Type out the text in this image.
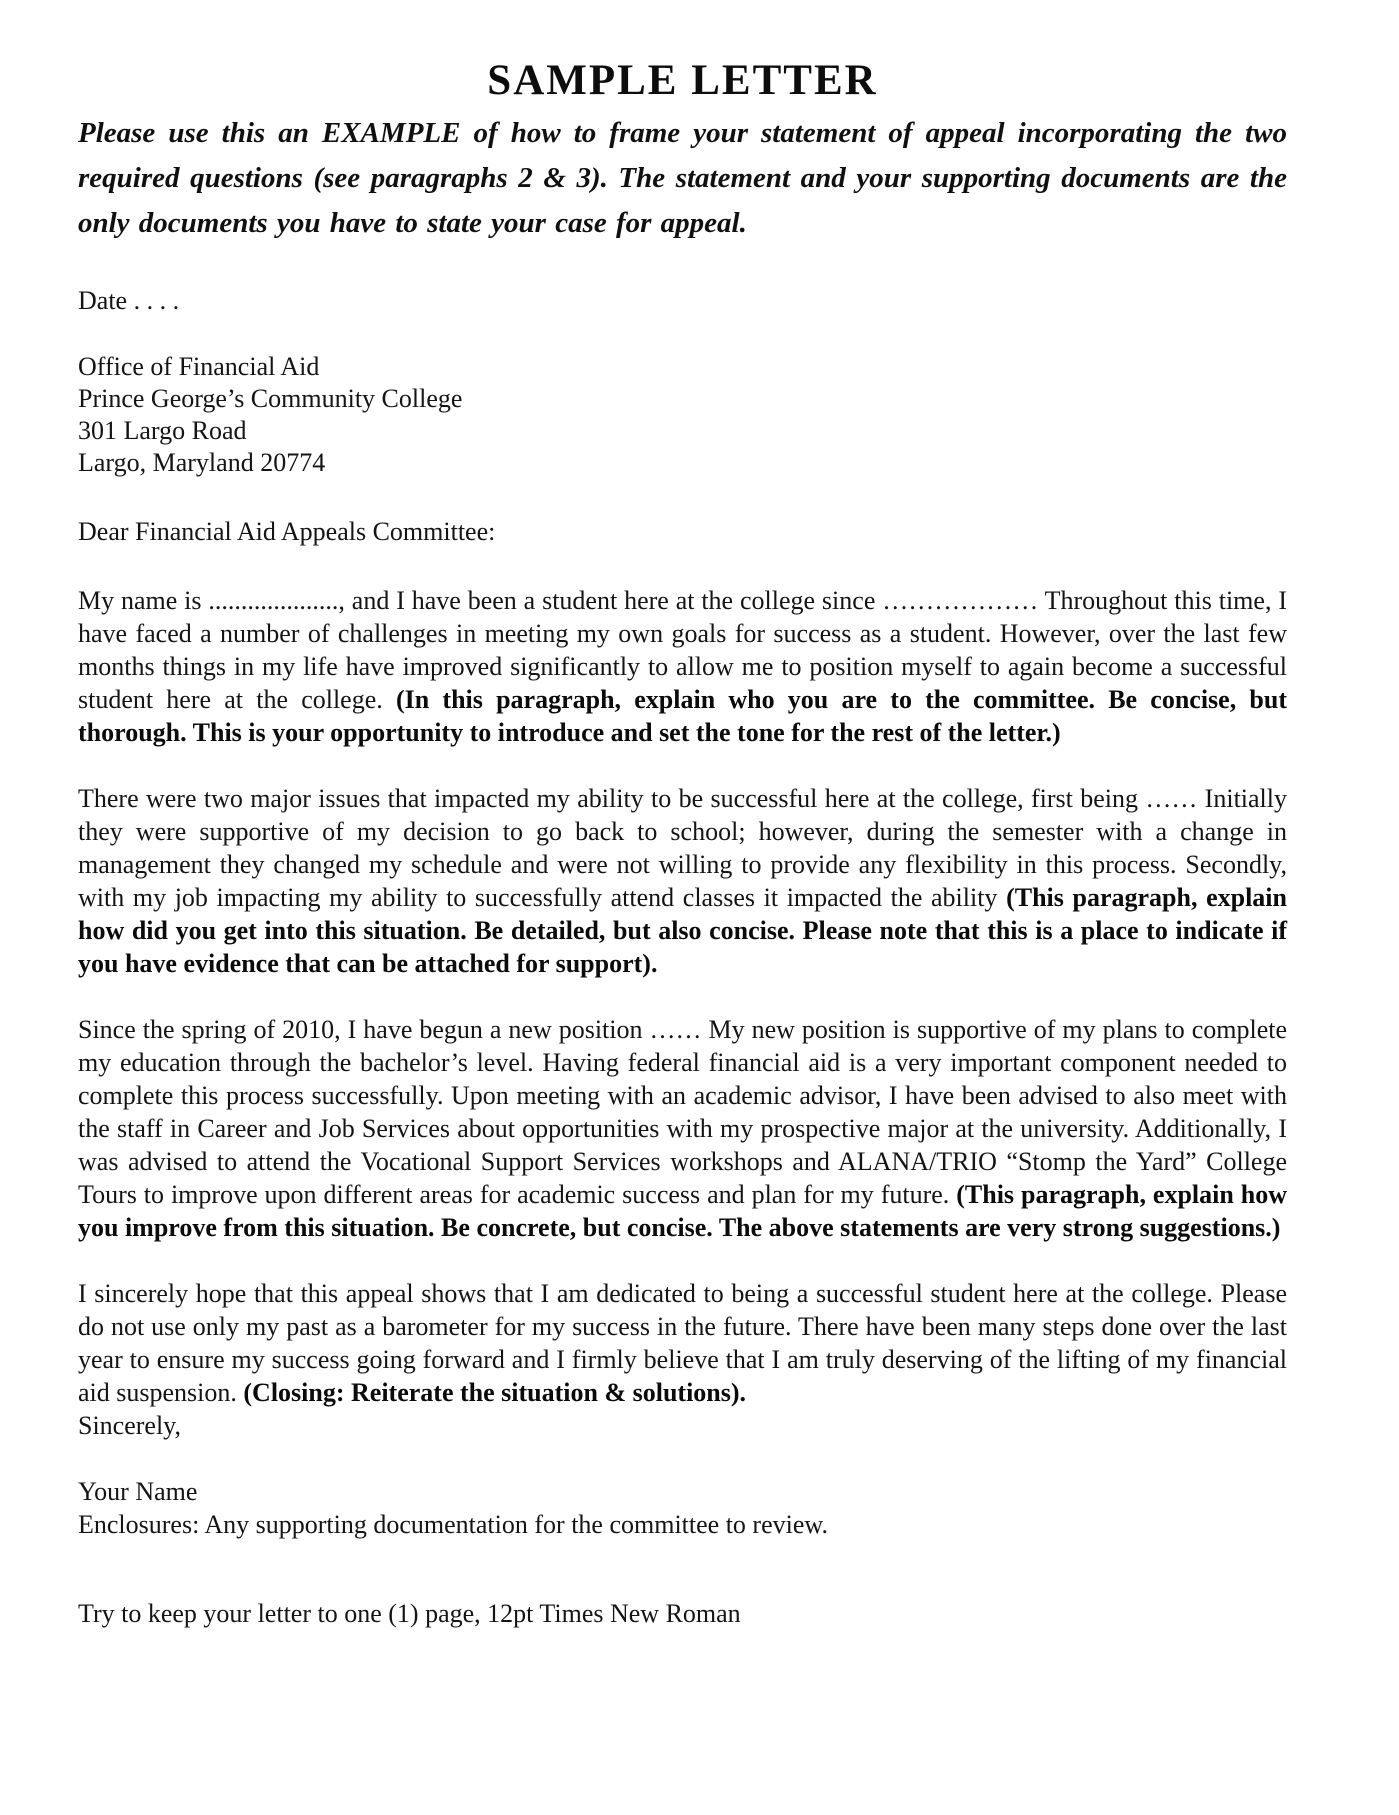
SAMPLE LETTER

Please use this an EXAMPLE of how to frame your statement of appeal incorporating the two required questions (see paragraphs 2 & 3). The statement and your supporting documents are the only documents you have to state your case for appeal.

Date . . . .

Office of Financial Aid

Prince George’s Community College

301 Largo Road

Largo, Maryland 20774

Dear Financial Aid Appeals Committee:

My name is ...................., and I have been a student here at the college since ……………… Throughout this time, I have faced a number of challenges in meeting my own goals for success as a student. However, over the last few months things in my life have improved significantly to allow me to position myself to again become a successful student here at the college. (In this paragraph, explain who you are to the committee. Be concise, but thorough. This is your opportunity to introduce and set the tone for the rest of the letter.)

There were two major issues that impacted my ability to be successful here at the college, first being …… Initially they were supportive of my decision to go back to school; however, during the semester with a change in management they changed my schedule and were not willing to provide any flexibility in this process. Secondly, with my job impacting my ability to successfully attend classes it impacted the ability (This paragraph, explain how did you get into this situation. Be detailed, but also concise. Please note that this is a place to indicate if you have evidence that can be attached for support).

Since the spring of 2010, I have begun a new position …… My new position is supportive of my plans to complete my education through the bachelor’s level. Having federal financial aid is a very important component needed to complete this process successfully. Upon meeting with an academic advisor, I have been advised to also meet with the staff in Career and Job Services about opportunities with my prospective major at the university. Additionally, I was advised to attend the Vocational Support Services workshops and ALANA/TRIO “Stomp the Yard” College Tours to improve upon different areas for academic success and plan for my future. (This paragraph, explain how you improve from this situation. Be concrete, but concise. The above statements are very strong suggestions.)

I sincerely hope that this appeal shows that I am dedicated to being a successful student here at the college. Please do not use only my past as a barometer for my success in the future. There have been many steps done over the last year to ensure my success going forward and I firmly believe that I am truly deserving of the lifting of my financial aid suspension. (Closing: Reiterate the situation & solutions).

Sincerely,

Your Name

Enclosures: Any supporting documentation for the committee to review.

Try to keep your letter to one (1) page, 12pt Times New Roman
